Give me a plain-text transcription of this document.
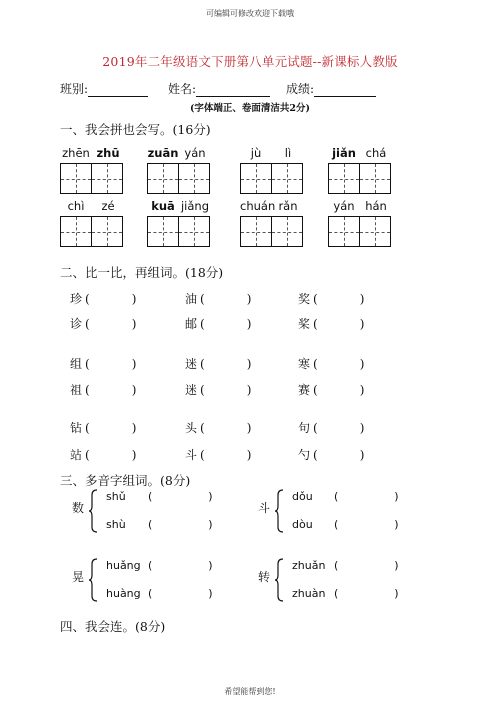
可编辑可修改欢迎下载哦
2019年二年级语文下册第八单元试题--新课标人教版
班别:	姓名:	成绩:
(字体端正、卷面清洁共2分)
一、我会拼也会写。(16分)
zhēn zhū	zuān yán	jù	lì	jiǎn chá
chì	zé	kuā jiǎng	chuán rǎn	yán hán
二、比一比，再组词。(18分)
珍 (	)	油 (	)	奖 (	)
诊 (	)	邮 (	)	桨 (	)
组 (	)	迷 (	)	寒 (	)
祖 (	)	迷 (	)	赛 (	)
钻 (	)	头 (	)	句 (	)
站 (	)	斗 (	)	勺 (	)
三、多音字组词。(8分)
数
shǔ (	)
shù (	)
斗
dǒu (	)
dòu (	)
晃
huǎng (	)
huàng (	)
转
zhuǎn (	)
zhuàn (	)
四、我会连。(8分)
希望能帮到您!
